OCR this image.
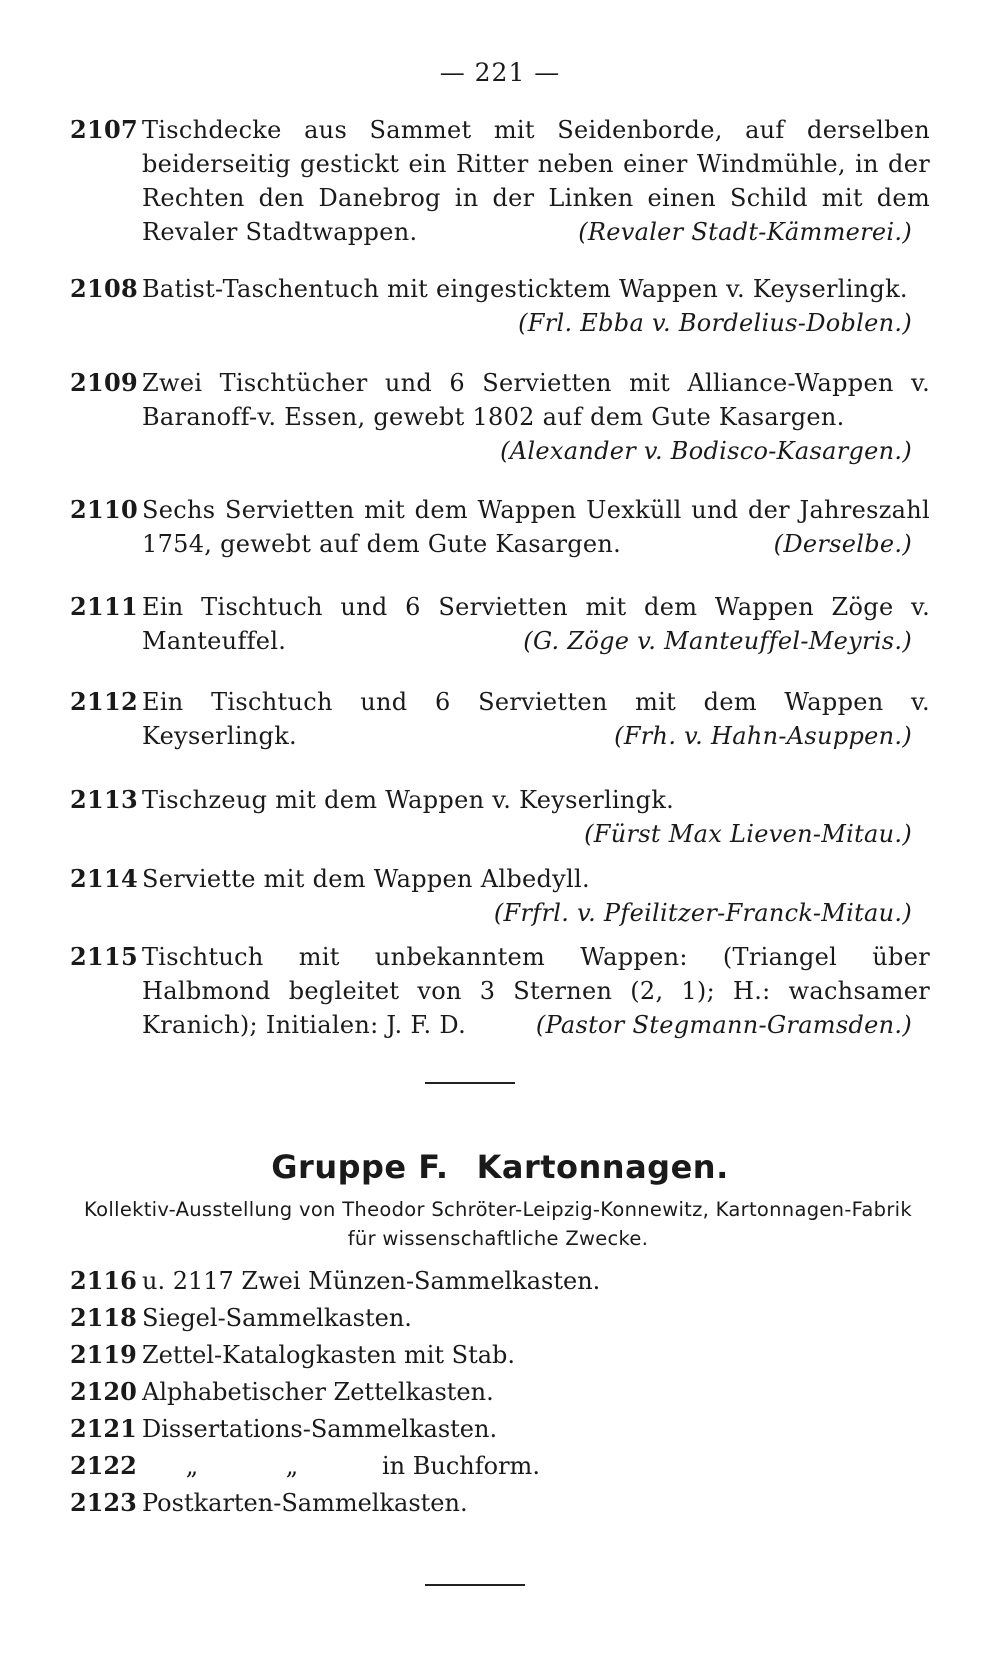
— 221 —
2107 Tischdecke aus Sammet mit Seidenborde, auf derselben beiderseitig gestickt ein Ritter neben einer Windmühle, in der Rechten den Danebrog in der Linken einen Schild mit dem Revaler Stadtwappen.	(Revaler Stadt-Kämmerei.)
2108 Batist-Taschentuch mit eingesticktem Wappen v. Keyserlingk.
(Frl. Ebba v. Bordelius-Doblen.)
2109 Zwei Tischtücher und 6 Servietten mit Alliance-Wappen v. Baranoff-v. Essen, gewebt 1802 auf dem Gute Kasargen.
(Alexander v. Bodisco-Kasargen.)
2110 Sechs Servietten mit dem Wappen Uexküll und der Jahreszahl 1754, gewebt auf dem Gute Kasargen.	(Derselbe.)
2111 Ein Tischtuch und 6 Servietten mit dem Wappen Zöge v. Manteuffel.	(G. Zöge v. Manteuffel-Meyris.)
2112 Ein Tischtuch und 6 Servietten mit dem Wappen v. Keyserlingk.	(Frh. v. Hahn-Asuppen.)
2113 Tischzeug mit dem Wappen v. Keyserlingk.
(Fürst Max Lieven-Mitau.)
2114 Serviette mit dem Wappen Albedyll.
(Frfrl. v. Pfeilitzer-Franck-Mitau.)
2115 Tischtuch mit unbekanntem Wappen: (Triangel über Halbmond begleitet von 3 Sternen (2, 1); H.: wachsamer Kranich); Initialen: J. F. D.	(Pastor Stegmann-Gramsden.)
Gruppe F. Kartonnagen.
Kollektiv-Ausstellung von Theodor Schröter-Leipzig-Konnewitz, Kartonnagen-Fabrik für wissenschaftliche Zwecke.
2116 u. 2117 Zwei Münzen-Sammelkasten.
2118 Siegel-Sammelkasten.
2119 Zettel-Katalogkasten mit Stab.
2120 Alphabetischer Zettelkasten.
2121 Dissertations-Sammelkasten.
2122 „	„	in Buchform.
2123 Postkarten-Sammelkasten.
